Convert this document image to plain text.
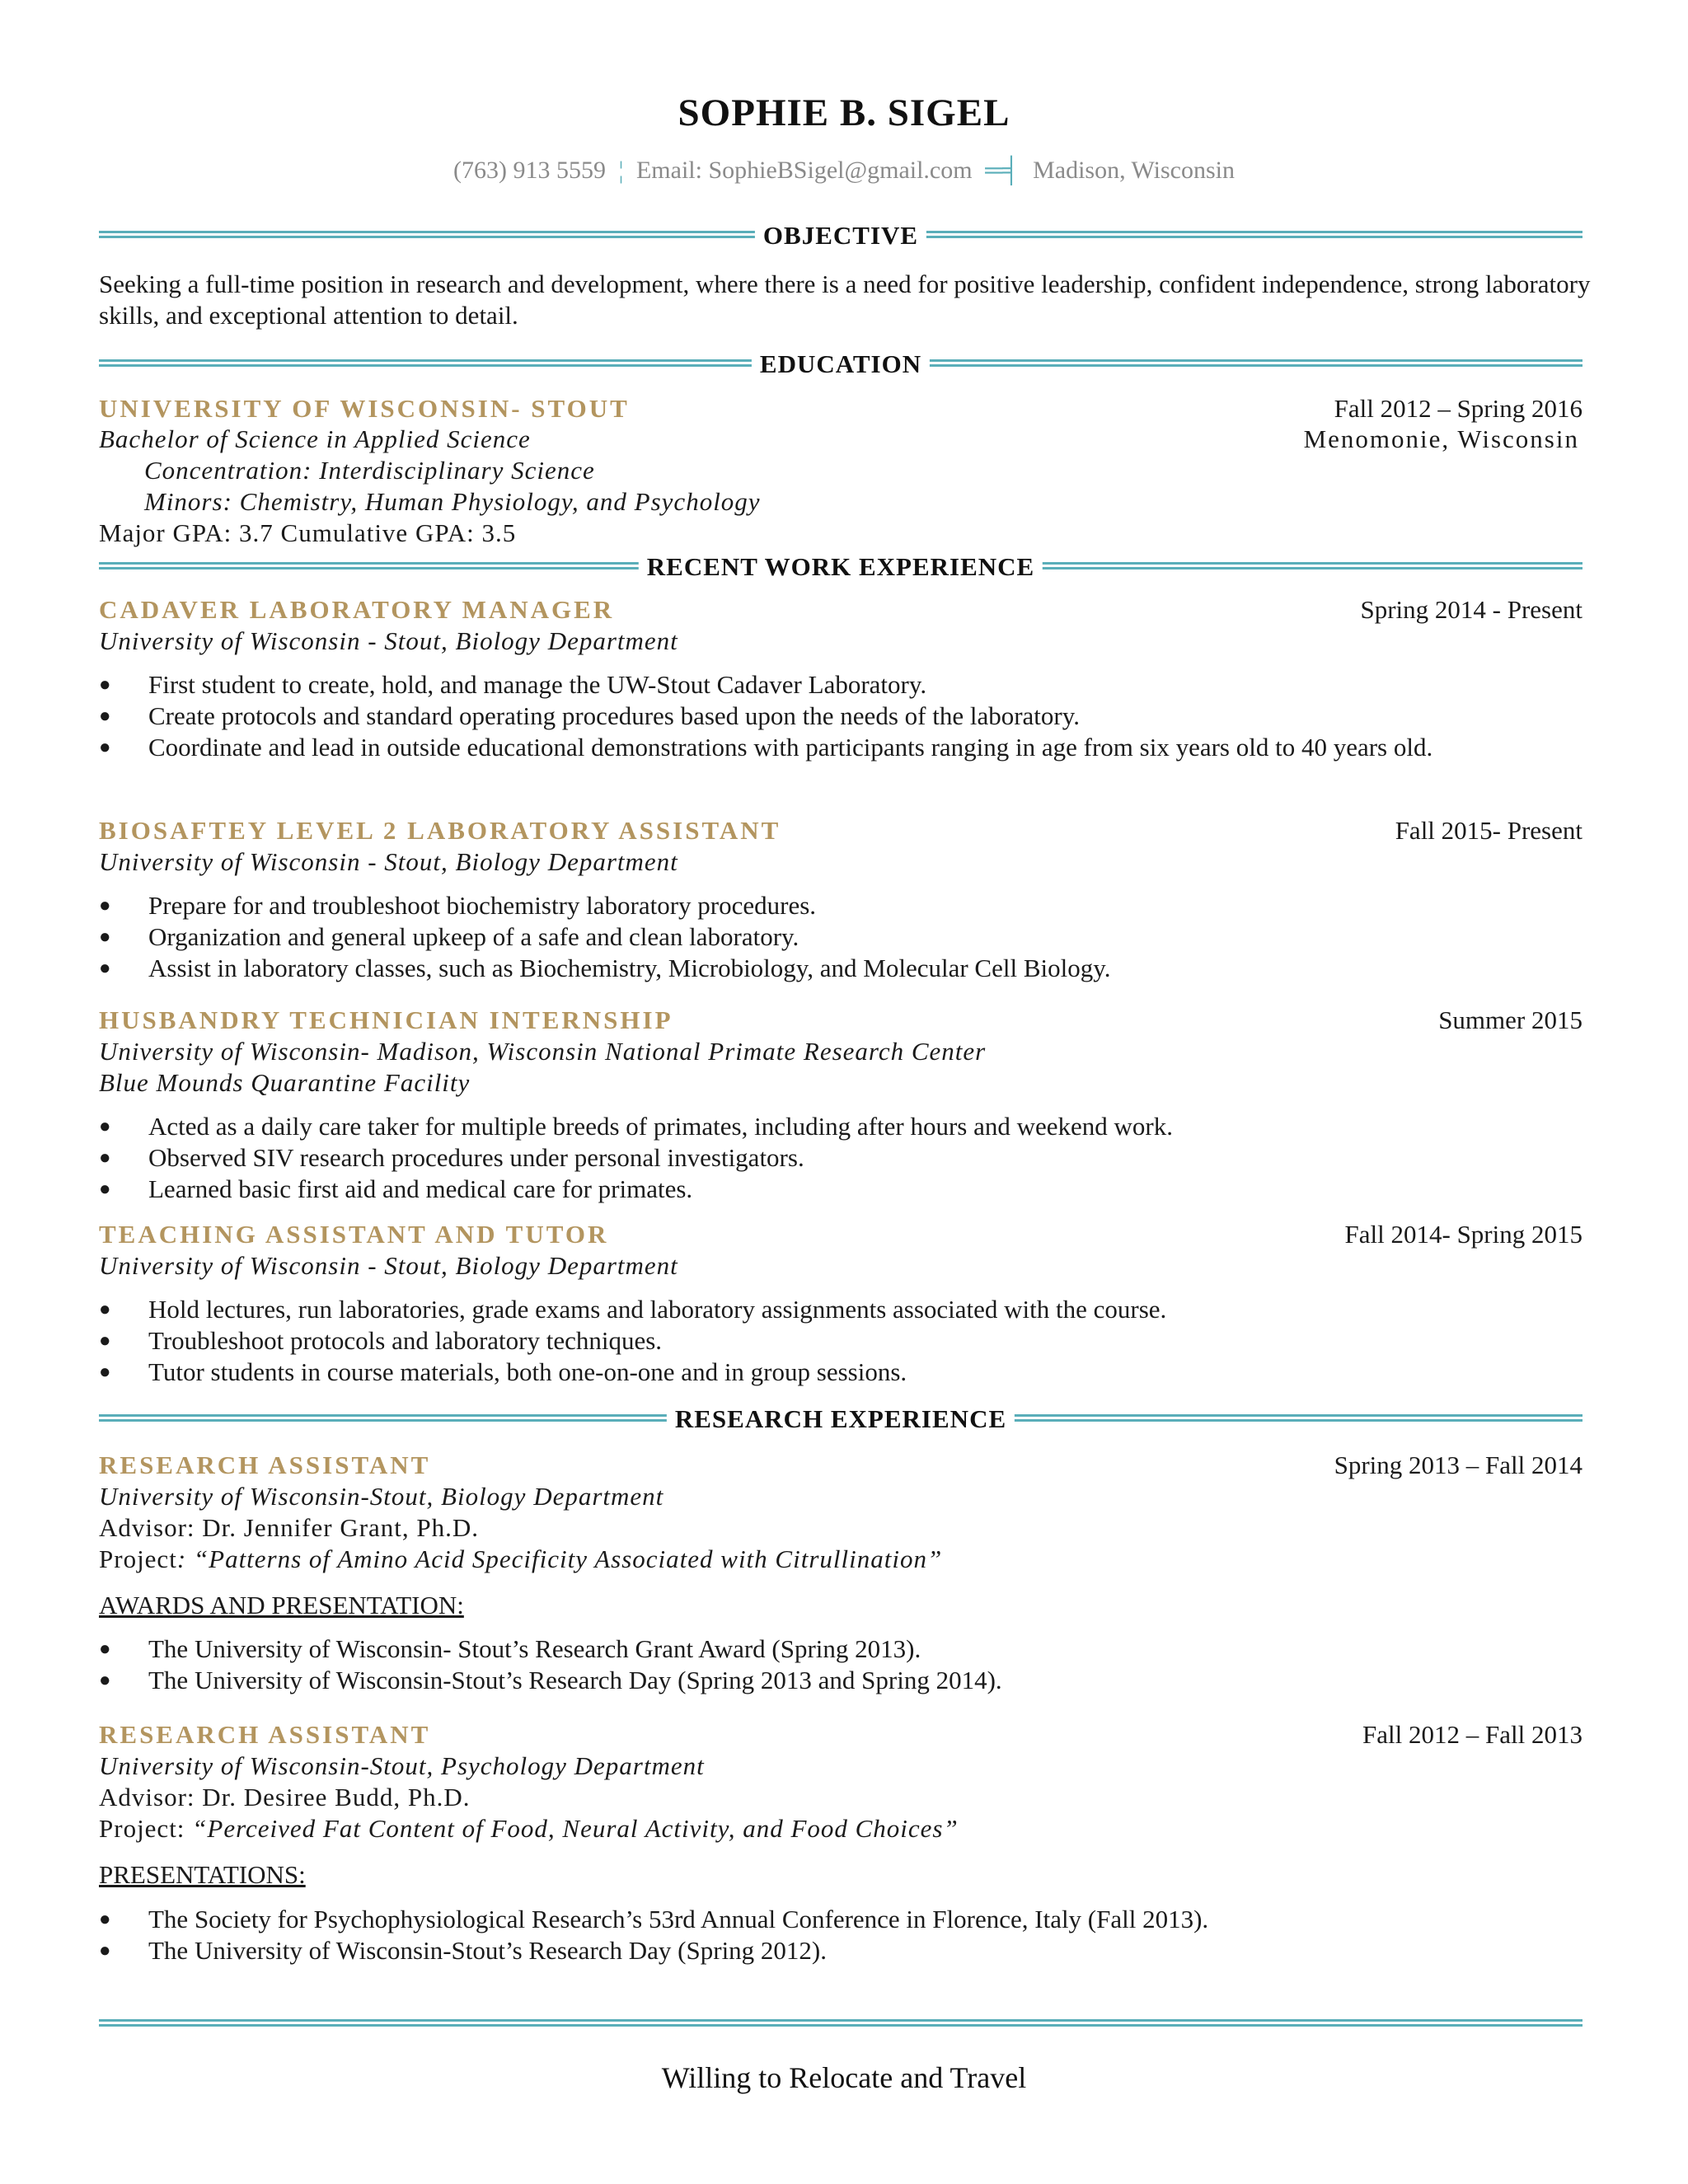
SOPHIE B. SIGEL
(763) 913 5559 ¦ Email: SophieBSigel@gmail.com ═╡ Madison, Wisconsin
OBJECTIVE
Seeking a full-time position in research and development, where there is a need for positive leadership, confident independence, strong laboratory skills, and exceptional attention to detail.
EDUCATION
UNIVERSITY OF WISCONSIN- STOUT	Fall 2012 – Spring 2016
Bachelor of Science in Applied Science	Menomonie, Wisconsin
Concentration: Interdisciplinary Science
Minors: Chemistry, Human Physiology, and Psychology
Major GPA: 3.7 Cumulative GPA: 3.5
RECENT WORK EXPERIENCE
CADAVER LABORATORY MANAGER	Spring 2014 - Present
University of Wisconsin - Stout, Biology Department
● First student to create, hold, and manage the UW-Stout Cadaver Laboratory.
● Create protocols and standard operating procedures based upon the needs of the laboratory.
● Coordinate and lead in outside educational demonstrations with participants ranging in age from six years old to 40 years old.
BIOSAFTEY LEVEL 2 LABORATORY ASSISTANT	Fall 2015- Present
University of Wisconsin - Stout, Biology Department
● Prepare for and troubleshoot biochemistry laboratory procedures.
● Organization and general upkeep of a safe and clean laboratory.
● Assist in laboratory classes, such as Biochemistry, Microbiology, and Molecular Cell Biology.
HUSBANDRY TECHNICIAN INTERNSHIP	Summer 2015
University of Wisconsin- Madison, Wisconsin National Primate Research Center
Blue Mounds Quarantine Facility
● Acted as a daily care taker for multiple breeds of primates, including after hours and weekend work.
● Observed SIV research procedures under personal investigators.
● Learned basic first aid and medical care for primates.
TEACHING ASSISTANT AND TUTOR	Fall 2014- Spring 2015
University of Wisconsin - Stout, Biology Department
● Hold lectures, run laboratories, grade exams and laboratory assignments associated with the course.
● Troubleshoot protocols and laboratory techniques.
● Tutor students in course materials, both one-on-one and in group sessions.
RESEARCH EXPERIENCE
RESEARCH ASSISTANT	Spring 2013 – Fall 2014
University of Wisconsin-Stout, Biology Department
Advisor: Dr. Jennifer Grant, Ph.D.
Project: “Patterns of Amino Acid Specificity Associated with Citrullination”
AWARDS AND PRESENTATION:
● The University of Wisconsin- Stout’s Research Grant Award (Spring 2013).
● The University of Wisconsin-Stout’s Research Day (Spring 2013 and Spring 2014).
RESEARCH ASSISTANT	Fall 2012 – Fall 2013
University of Wisconsin-Stout, Psychology Department
Advisor: Dr. Desiree Budd, Ph.D.
Project: “Perceived Fat Content of Food, Neural Activity, and Food Choices”
PRESENTATIONS:
● The Society for Psychophysiological Research’s 53rd Annual Conference in Florence, Italy (Fall 2013).
● The University of Wisconsin-Stout’s Research Day (Spring 2012).
Willing to Relocate and Travel
